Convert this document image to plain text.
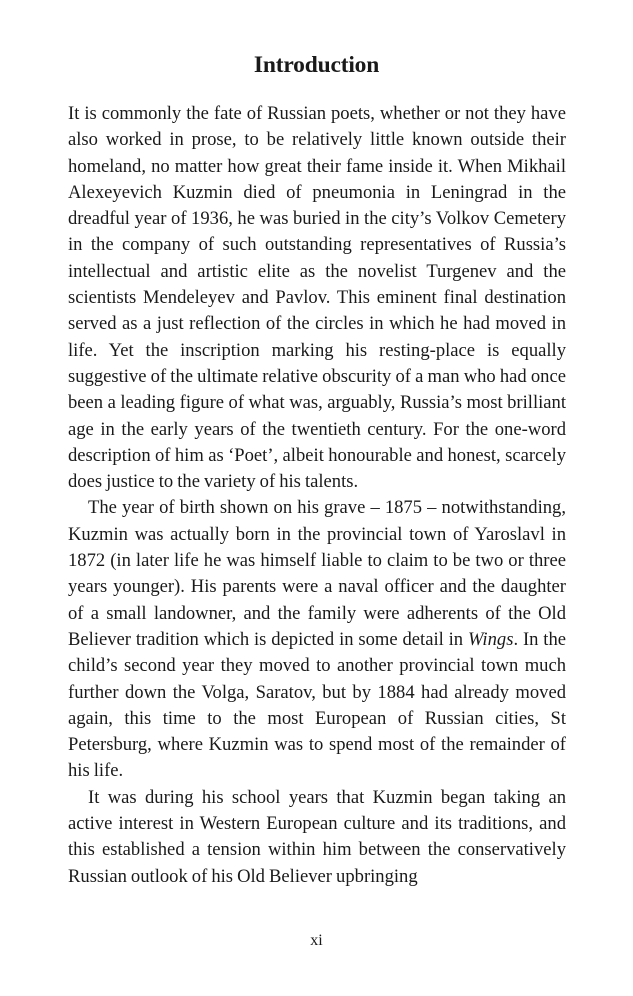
Introduction

It is commonly the fate of Russian poets, whether or not they have also worked in prose, to be relatively little known outside their homeland, no matter how great their fame inside it. When Mikhail Alexeyevich Kuzmin died of pneumonia in Leningrad in the dreadful year of 1936, he was buried in the city’s Volkov Cemetery in the company of such outstanding representatives of Russia’s intellectual and artistic elite as the novelist Turgenev and the scientists Mendeleyev and Pavlov. This eminent final destination served as a just reflection of the circles in which he had moved in life. Yet the inscription marking his resting-place is equally suggestive of the ultimate relative obscurity of a man who had once been a leading figure of what was, arguably, Russia’s most brilliant age in the early years of the twentieth century. For the one-word description of him as ‘Poet’, albeit honourable and honest, scarcely does justice to the variety of his talents.

The year of birth shown on his grave – 1875 – notwithstanding, Kuzmin was actually born in the provincial town of Yaroslavl in 1872 (in later life he was himself liable to claim to be two or three years younger). His parents were a naval officer and the daughter of a small landowner, and the family were adherents of the Old Believer tradition which is depicted in some detail in Wings. In the child’s second year they moved to another provincial town much further down the Volga, Saratov, but by 1884 had already moved again, this time to the most European of Russian cities, St Petersburg, where Kuzmin was to spend most of the remainder of his life.

It was during his school years that Kuzmin began taking an active interest in Western European culture and its traditions, and this established a tension within him between the conservatively Russian outlook of his Old Believer upbringing

xi
